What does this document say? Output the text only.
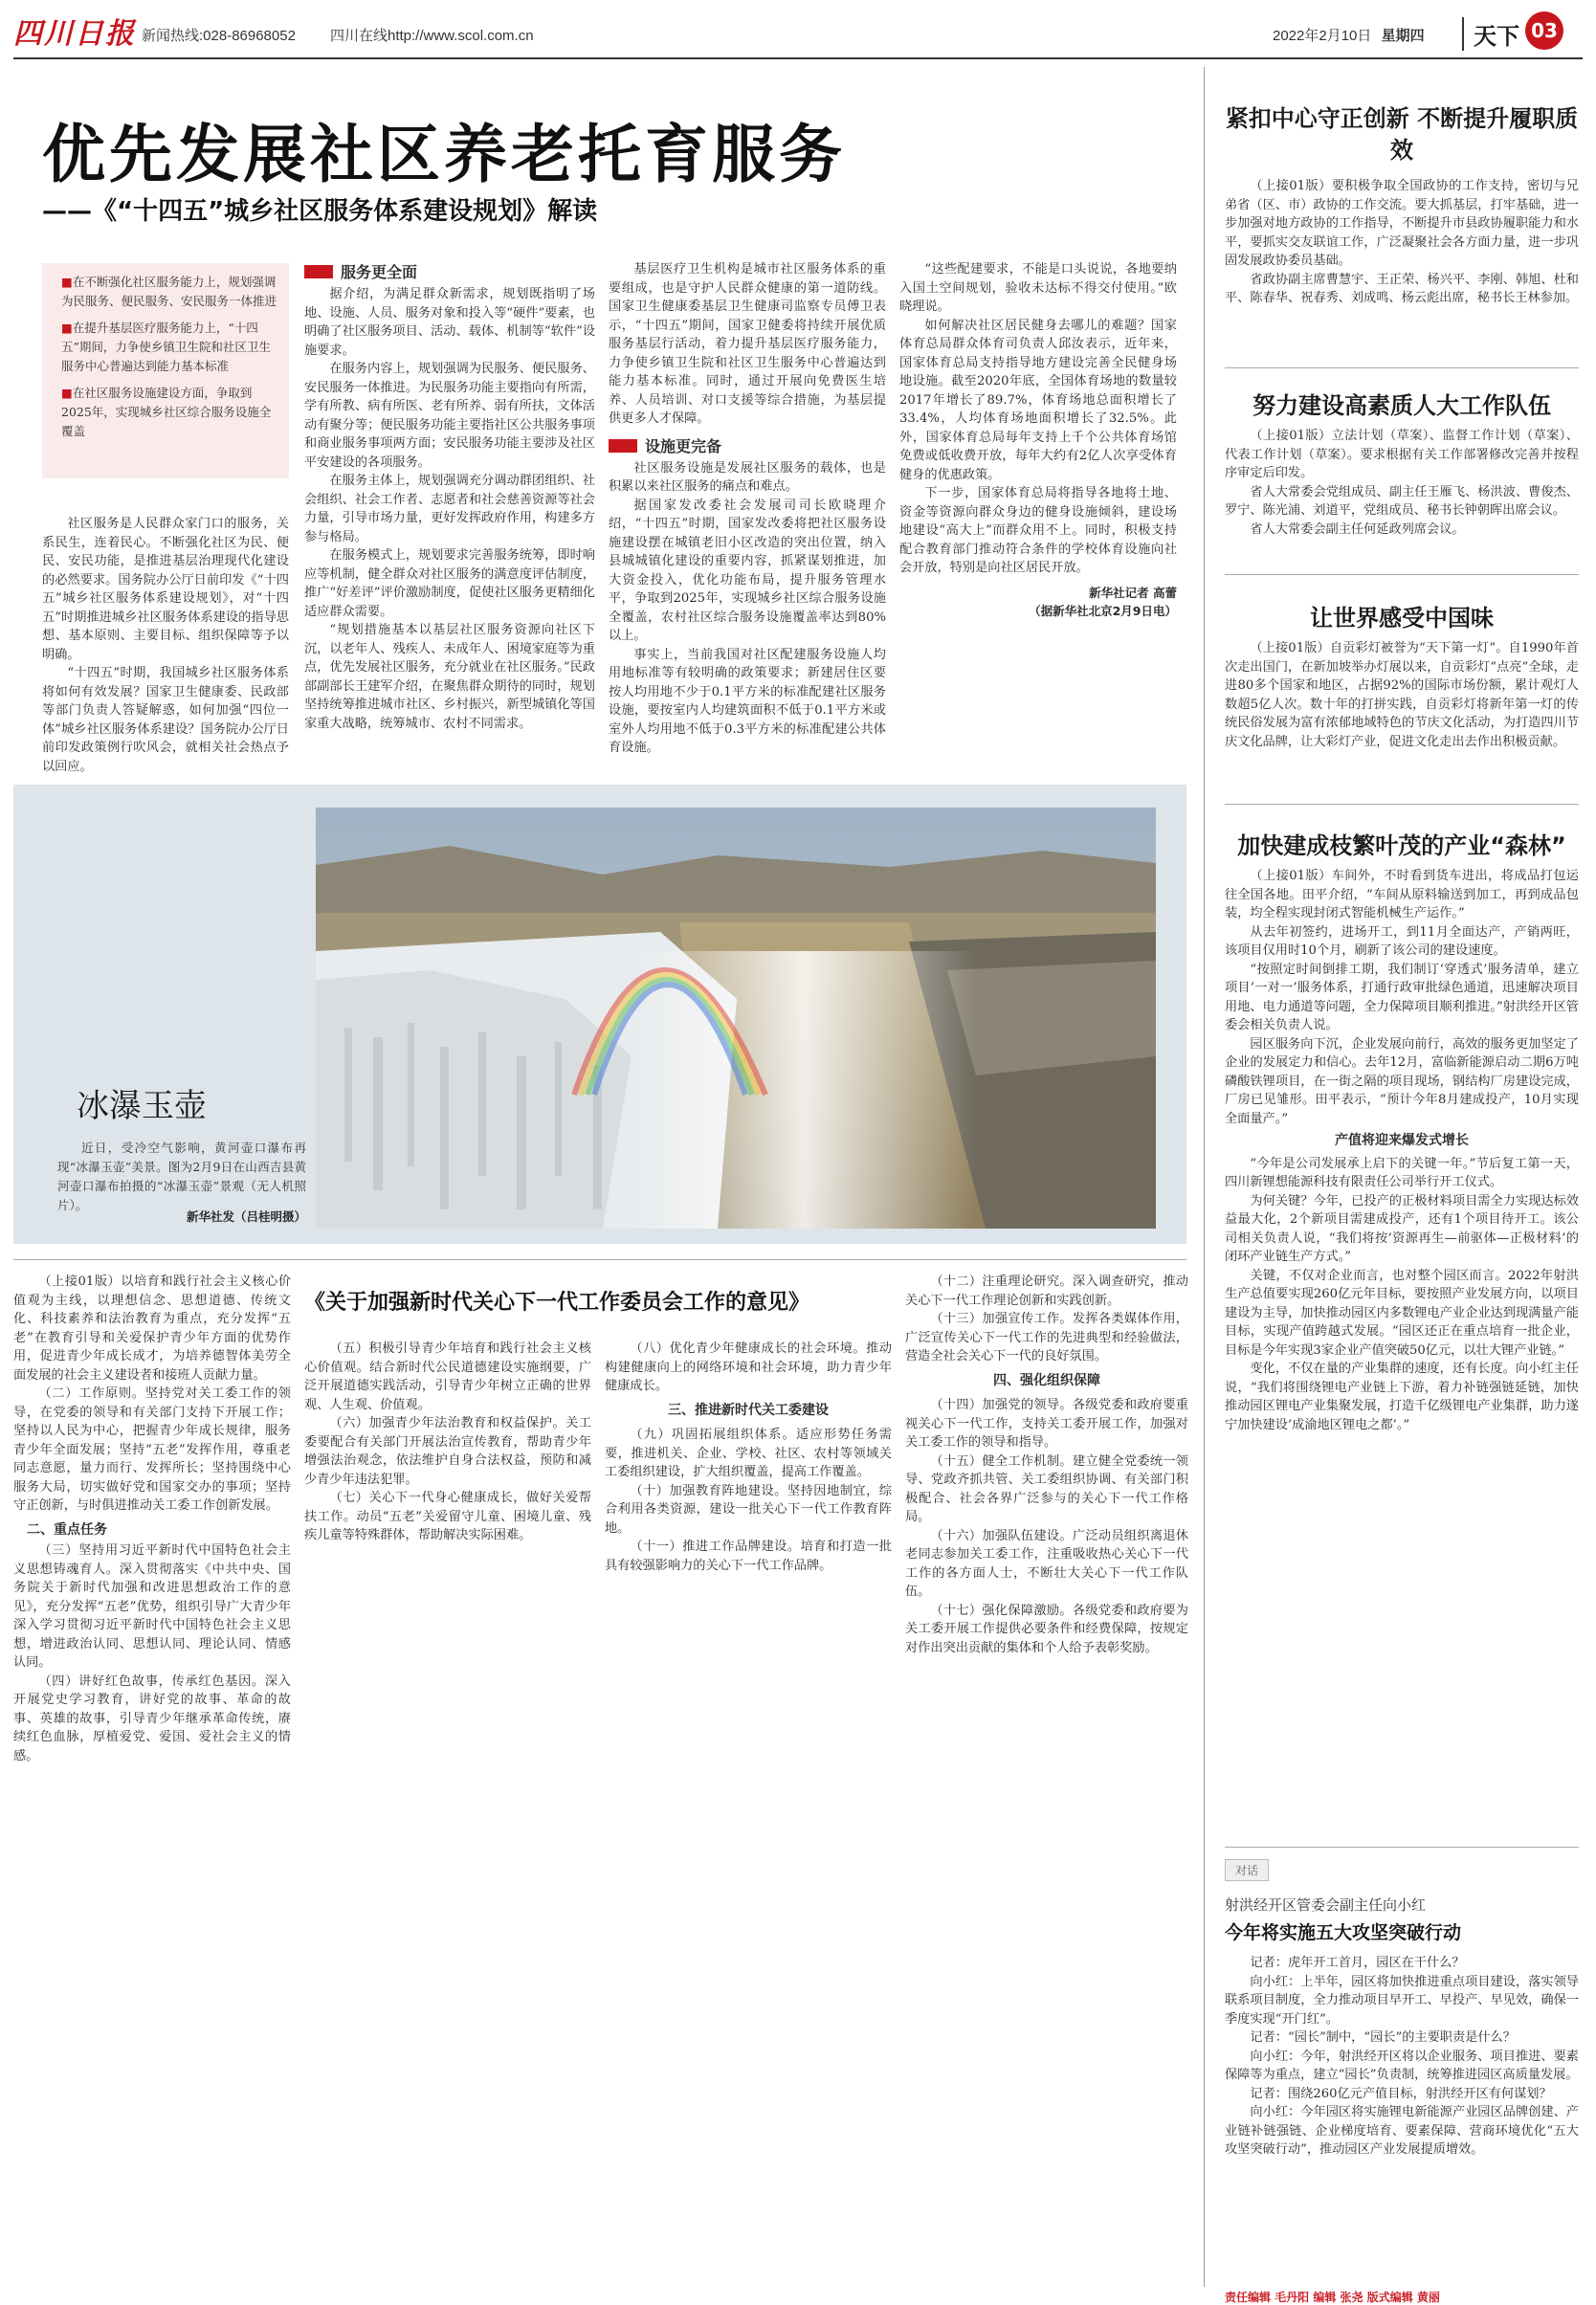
四川日报 新闻热线:028-86968052 四川在线http://www.scol.com.cn	2022年2月10日 星期四	天下 03
优先发展社区养老托育服务
——《“十四五”城乡社区服务体系建设规划》解读
■在不断强化社区服务能力上，规划强调为民服务、便民服务、安民服务一体推进
■在提升基层医疗服务能力上，“十四五”期间，力争使乡镇卫生院和社区卫生服务中心普遍达到能力基本标准
■在社区服务设施建设方面，争取到2025年，实现城乡社区综合服务设施全覆盖

社区服务是人民群众家门口的服务，关系民生，连着民心。不断强化社区为民、便民、安民功能，是推进基层治理现代化建设的必然要求。国务院办公厅日前印发《“十四五”城乡社区服务体系建设规划》，对“十四五”时期推进城乡社区服务体系建设的指导思想、基本原则、主要目标、组织保障等予以明确。

“十四五”时期，我国城乡社区服务体系将如何有效发展？国家卫生健康委、民政部等部门负责人答疑解惑，如何加强“四位一体”城乡社区服务体系建设？国务院办公厅日前印发政策例行吹风会，就相关社会热点予以回应。

服务更全面

据介绍，为满足群众新需求，规划既指明了场地、设施、人员、服务对象和投入等“硬件”要素，也明确了社区服务项目、活动、载体、机制等“软件”设施要求。

在服务内容上，规划强调为民服务、便民服务、安民服务一体推进。为民服务功能主要指向有所需，学有所教、病有所医、老有所养、弱有所扶，文体活动有聚分等；便民服务功能主要指社区公共服务事项和商业服务事项两方面；安民服务功能主要涉及社区平安建设的各项服务。

在服务主体上，规划强调充分调动群团组织、社会组织、社会工作者、志愿者和社会慈善资源等社会力量，引导市场力量，更好发挥政府作用，构建多方参与格局。

在服务模式上，规划要求完善服务统筹，即时响应等机制，健全群众对社区服务的满意度评估制度，推广“好差评”评价激励制度，促使社区服务更精细化适应群众需要。

“规划措施基本以基层社区服务资源向社区下沉，以老年人、残疾人、未成年人、困境家庭等为重点，优先发展社区服务，充分就业在社区服务。”民政部副部长王建军介绍，在聚焦群众期待的同时，规划坚持统筹推进城市社区、乡村振兴，新型城镇化等国家重大战略，统筹城市、农村不同需求。

基层医疗卫生机构是城市社区服务体系的重要组成，也是守护人民群众健康的第一道防线。国家卫生健康委基层卫生健康司监察专员傅卫表示，“十四五”期间，国家卫健委将持续开展优质服务基层行活动，着力提升基层医疗服务能力，力争使乡镇卫生院和社区卫生服务中心普遍达到能力基本标准。同时，通过开展向免费医生培养、人员培训、对口支援等综合措施，为基层提供更多人才保障。

设施更完备

社区服务设施是发展社区服务的载体，也是积累以来社区服务的痛点和难点。

据国家发改委社会发展司司长欧晓理介绍，“十四五”时期，国家发改委将把社区服务设施建设摆在城镇老旧小区改造的突出位置，纳入县城城镇化建设的重要内容，抓紧谋划推进，加大资金投入，优化功能布局，提升服务管理水平，争取到2025年，实现城乡社区综合服务设施全覆盖，农村社区综合服务设施覆盖率达到80%以上。

事实上，当前我国对社区配建服务设施人均用地标准等有较明确的政策要求；新建居住区要按人均用地不少于0.1平方米的标准配建社区服务设施，要按室内人均建筑面积不低于0.1平方米或室外人均用地不低于0.3平方米的标准配建公共体育设施。

“这些配建要求，不能是口头说说，各地要纳入国土空间规划，验收未达标不得交付使用。”欧晓理说。

如何解决社区居民健身去哪儿的难题？国家体育总局群众体育司负责人邱汝表示，近年来，国家体育总局支持指导地方建设完善全民健身场地设施。截至2020年底，全国体育场地的数量较2017年增长了89.7%，体育场地总面积增长了33.4%，人均体育场地面积增长了32.5%。此外，国家体育总局每年支持上千个公共体育场馆免费或低收费开放，每年大约有2亿人次享受体育健身的优惠政策。

下一步，国家体育总局将指导各地将土地、资金等资源向群众身边的健身设施倾斜，建设场地建设“高大上”而群众用不上。同时，积极支持配合教育部门推动符合条件的学校体育设施向社会开放，特别是向社区居民开放。

新华社记者 高蕾

（据新华社北京2月9日电）

冰瀑玉壶
近日，受冷空气影响，黄河壶口瀑布再现“冰瀑玉壶”美景。图为2月9日在山西吉县黄河壶口瀑布拍摄的“冰瀑玉壶”景观（无人机照片）。
新华社发（吕桂明摄）
紧扣中心守正创新 不断提升履职质效

（上接01版）要积极争取全国政协的工作支持，密切与兄弟省（区、市）政协的工作交流。要大抓基层，打牢基础，进一步加强对地方政协的工作指导，不断提升市县政协履职能力和水平，要抓实交友联谊工作，广泛凝聚社会各方面力量，进一步巩固发展政协委员基础。

省政协副主席曹慧宇、王正荣、杨兴平、李刚、韩旭、杜和平、陈春华、祝春秀、刘成鸣、杨云彪出席，秘书长王林参加。

努力建设高素质人大工作队伍

（上接01版）立法计划（草案）、监督工作计划（草案）、代表工作计划（草案）。要求根据有关工作部署修改完善并按程序审定后印发。

省人大常委会党组成员、副主任王雁飞、杨洪波、曹俊杰、罗宁、陈光浦、刘道平，党组成员、秘书长钟朝晖出席会议。

省人大常委会副主任何延政列席会议。

让世界感受中国味

（上接01版）自贡彩灯被誉为“天下第一灯”。自1990年首次走出国门，在新加坡举办灯展以来，自贡彩灯“点亮”全球，走进80多个国家和地区，占据92%的国际市场份额，累计观灯人数超5亿人次。数十年的打拼实践，自贡彩灯将新年第一灯的传统民俗发展为富有浓郁地域特色的节庆文化活动，为打造四川节庆文化品牌，让大彩灯产业，促进文化走出去作出积极贡献。

加快建成枝繁叶茂的产业“森林”

（上接01版）车间外，不时看到货车进出，将成品打包运往全国各地。田平介绍，“车间从原料输送到加工，再到成品包装，均全程实现封闭式智能机械生产运作。”

从去年初签约，进场开工，到11月全面达产，产销两旺，该项目仅用时10个月，刷新了该公司的建设速度。

“按照定时间倒排工期，我们制订‘穿透式’服务清单，建立项目‘一对一’服务体系，打通行政审批绿色通道，迅速解决项目用地、电力通道等问题，全力保障项目顺利推进。”射洪经开区管委会相关负责人说。

园区服务向下沉，企业发展向前行，高效的服务更加坚定了企业的发展定力和信心。去年12月，富临新能源启动二期6万吨磷酸铁锂项目，在一街之隔的项目现场，钢结构厂房建设完成，厂房已见雏形。田平表示，“预计今年8月建成投产，10月实现全面量产。”

产值将迎来爆发式增长

“今年是公司发展承上启下的关键一年。”节后复工第一天，四川新锂想能源科技有限责任公司举行开工仪式。

为何关键？今年，已投产的正极材料项目需全力实现达标效益最大化，2个新项目需建成投产，还有1个项目待开工。该公司相关负责人说，“我们将按‘资源再生—前驱体—正极材料’的闭环产业链生产方式。”

关键，不仅对企业而言，也对整个园区而言。2022年射洪生产总值要实现260亿元年目标，要按照产业发展方向，以项目建设为主导，加快推动园区内多数锂电产业企业达到现满量产能目标，实现产值跨越式发展。“园区还正在重点培育一批企业，目标是今年实现3家企业产值突破50亿元，以壮大锂产业链。”

变化，不仅在量的产业集群的速度，还有长度。向小红主任说，“我们将围绕锂电产业链上下游，着力补链强链延链，加快推动园区锂电产业集聚发展，打造千亿级锂电产业集群，助力遂宁加快建设‘成渝地区锂电之都’。”

对话
射洪经开区管委会副主任向小红
今年将实施五大攻坚突破行动

记者：虎年开工首月，园区在干什么？

向小红：上半年，园区将加快推进重点项目建设，落实领导联系项目制度，全力推动项目早开工、早投产、早见效，确保一季度实现“开门红”。

记者：“园长”制中，“园长”的主要职责是什么？

向小红：今年，射洪经开区将以企业服务、项目推进、要素保障等为重点，建立“园长”负责制，统筹推进园区高质量发展。

记者：围绕260亿元产值目标，射洪经开区有何谋划？

向小红：今年园区将实施锂电新能源产业园区品牌创建、产业链补链强链、企业梯度培育、要素保障、营商环境优化“五大攻坚突破行动”，推动园区产业发展提质增效。

（上接01版）以培育和践行社会主义核心价值观为主线，以理想信念、思想道德、传统文化、科技素养和法治教育为重点，充分发挥“五老”在教育引导和关爱保护青少年方面的优势作用，促进青少年成长成才，为培养德智体美劳全面发展的社会主义建设者和接班人贡献力量。

（二）工作原则。坚持党对关工委工作的领导，在党委的领导和有关部门支持下开展工作；坚持以人民为中心，把握青少年成长规律，服务青少年全面发展；坚持“五老”发挥作用，尊重老同志意愿，量力而行、发挥所长；坚持围绕中心服务大局，切实做好党和国家交办的事项；坚持守正创新，与时俱进推动关工委工作创新发展。

二、重点任务

（三）坚持用习近平新时代中国特色社会主义思想铸魂育人。深入贯彻落实《中共中央、国务院关于新时代加强和改进思想政治工作的意见》，充分发挥“五老”优势，组织引导广大青少年深入学习贯彻习近平新时代中国特色社会主义思想，增进政治认同、思想认同、理论认同、情感认同。

（四）讲好红色故事，传承红色基因。深入开展党史学习教育，讲好党的故事、革命的故事、英雄的故事，引导青少年继承革命传统，赓续红色血脉，厚植爱党、爱国、爱社会主义的情感。

《关于加强新时代关心下一代工作委员会工作的意见》

（五）积极引导青少年培育和践行社会主义核心价值观。结合新时代公民道德建设实施纲要，广泛开展道德实践活动，引导青少年树立正确的世界观、人生观、价值观。

（六）加强青少年法治教育和权益保护。关工委要配合有关部门开展法治宣传教育，帮助青少年增强法治观念，依法维护自身合法权益，预防和减少青少年违法犯罪。

（七）关心下一代身心健康成长，做好关爱帮扶工作。动员“五老”关爱留守儿童、困境儿童、残疾儿童等特殊群体，帮助解决实际困难。

（八）优化青少年健康成长的社会环境。推动构建健康向上的网络环境和社会环境，助力青少年健康成长。

三、推进新时代关工委建设

（九）巩固拓展组织体系。适应形势任务需要，推进机关、企业、学校、社区、农村等领域关工委组织建设，扩大组织覆盖，提高工作覆盖。

（十）加强教育阵地建设。坚持因地制宜，综合利用各类资源，建设一批关心下一代工作教育阵地。

（十一）推进工作品牌建设。培育和打造一批具有较强影响力的关心下一代工作品牌。

（十二）注重理论研究。深入调查研究，推动关心下一代工作理论创新和实践创新。

（十三）加强宣传工作。发挥各类媒体作用，广泛宣传关心下一代工作的先进典型和经验做法，营造全社会关心下一代的良好氛围。

四、强化组织保障

（十四）加强党的领导。各级党委和政府要重视关心下一代工作，支持关工委开展工作，加强对关工委工作的领导和指导。

（十五）健全工作机制。建立健全党委统一领导、党政齐抓共管、关工委组织协调、有关部门积极配合、社会各界广泛参与的关心下一代工作格局。

（十六）加强队伍建设。广泛动员组织离退休老同志参加关工委工作，注重吸收热心关心下一代工作的各方面人士，不断壮大关心下一代工作队伍。

（十七）强化保障激励。各级党委和政府要为关工委开展工作提供必要条件和经费保障，按规定对作出突出贡献的集体和个人给予表彰奖励。

责任编辑 毛丹阳 编辑 张尧 版式编辑 黄丽
